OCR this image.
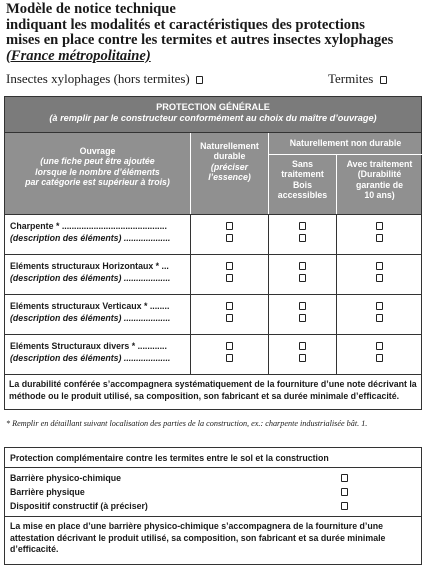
Modèle de notice technique
indiquant les modalités et caractéristiques des protections
mises en place contre les termites et autres insectes xylophages
(France métropolitaine)
Insectes xylophages (hors termites)	Termites
PROTECTION GÉNÉRALE
(à remplir par le constructeur conformément au choix du maître d’ouvrage)
Ouvrage
(une fiche peut être ajoutée
lorsque le nombre d’éléments
par catégorie est supérieur à trois)
Naturellement
durable
(préciser
l’essence)
Naturellement non durable
Sans
traitement
Bois
accessibles
Avec traitement
(Durabilité
garantie de
10 ans)
Charpente * ...........................................
(description des éléments) ...................

Eléments structuraux Horizontaux * ...
(description des éléments) ...................

Eléments structuraux Verticaux * ........
(description des éléments) ...................

Eléments Structuraux divers * ............
(description des éléments) ...................

La durabilité conférée s’accompagnera systématiquement de la fourniture d’une note décrivant la méthode ou le produit utilisé, sa composition, son fabricant et sa durée minimale d’efficacité.
* Remplir en détaillant suivant localisation des parties de la construction, ex.: charpente industrialisée bât. 1.
Protection complémentaire contre les termites entre le sol et la construction
Barrière physico-chimique
Barrière physique
Dispositif constructif (à préciser)
La mise en place d’une barrière physico-chimique s’accompagnera de la fourniture d’une attestation décrivant le produit utilisé, sa composition, son fabricant et sa durée minimale d’efficacité.
